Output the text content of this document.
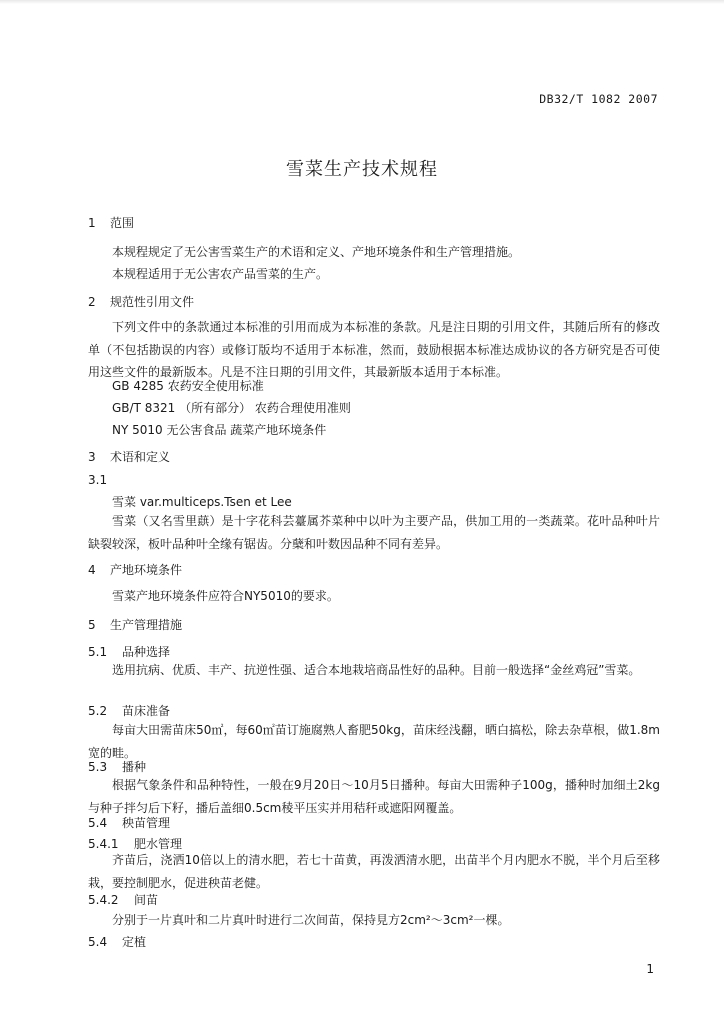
DB32/T 1082 2007
雪菜生产技术规程
1 范围
本规程规定了无公害雪菜生产的术语和定义、产地环境条件和生产管理措施。
本规程适用于无公害农产品雪菜的生产。
2 规范性引用文件
下列文件中的条款通过本标准的引用而成为本标准的条款。凡是注日期的引用文件，其随后所有的修改单（不包括勘误的内容）或修订版均不适用于本标准，然而，鼓励根据本标准达成协议的各方研究是否可使用这些文件的最新版本。凡是不注日期的引用文件，其最新版本适用于本标准。
GB 4285 农药安全使用标准
GB/T 8321 （所有部分） 农药合理使用准则
NY 5010 无公害食品 蔬菜产地环境条件
3 术语和定义
3.1
雪菜 var.multiceps.Tsen et Lee
雪菜（又名雪里蕻）是十字花科芸薹属芥菜种中以叶为主要产品，供加工用的一类蔬菜。花叶品种叶片缺裂较深，板叶品种叶全缘有锯齿。分蘖和叶数因品种不同有差异。
4 产地环境条件
雪菜产地环境条件应符合NY5010的要求。
5 生产管理措施
5.1 品种选择
选用抗病、优质、丰产、抗逆性强、适合本地栽培商品性好的品种。目前一般选择“金丝鸡冠”雪菜。
5.2 苗床准备
每亩大田需苗床50㎡，每60㎡苗订施腐熟人畜肥50kg，苗床经浅翻，晒白搞松，除去杂草根，做1.8m宽的畦。
5.3 播种
根据气象条件和品种特性，一般在9月20日～10月5日播种。每亩大田需种子100g，播种时加细土2kg与种子拌匀后下籽，播后盖细0.5cm稜平压实并用秸秆或遮阳网覆盖。
5.4 秧苗管理
5.4.1 肥水管理
齐苗后，浇洒10倍以上的清水肥，若七十苗黄，再泼洒清水肥，出苗半个月内肥水不脱，半个月后至移栽，要控制肥水，促进秧苗老健。
5.4.2 间苗
分别于一片真叶和二片真叶时进行二次间苗，保持見方2cm²～3cm²一棵。
5.4 定植
1
